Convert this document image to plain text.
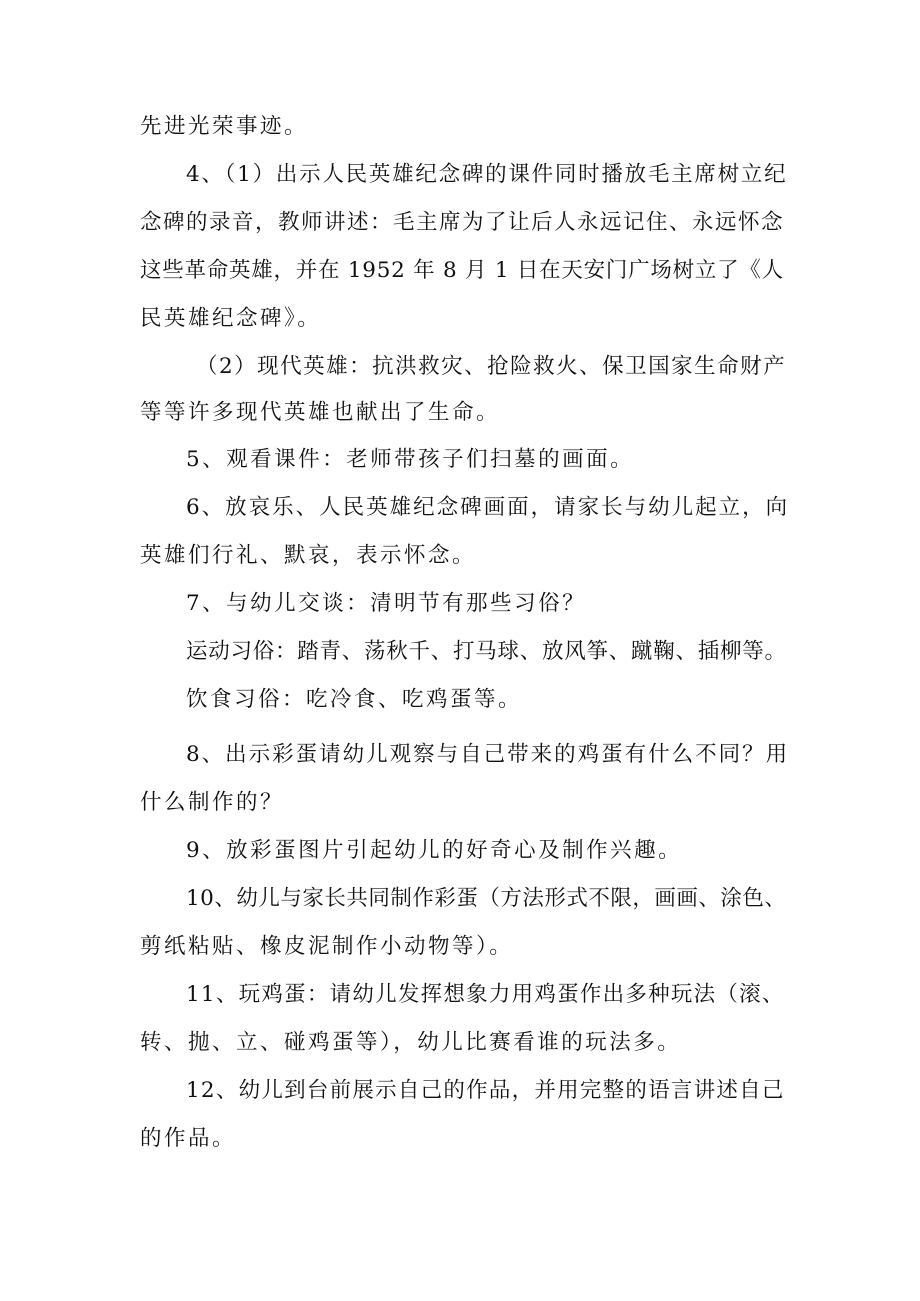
先进光荣事迹。

4、（1）出示人民英雄纪念碑的课件同时播放毛主席树立纪

念碑的录音，教师讲述：毛主席为了让后人永远记住、永远怀念

这些革命英雄，并在 1952 年 8 月 1 日在天安门广场树立了《人

民英雄纪念碑》。

（2）现代英雄：抗洪救灾、抢险救火、保卫国家生命财产

等等许多现代英雄也献出了生命。

5、观看课件：老师带孩子们扫墓的画面。

6、放哀乐、人民英雄纪念碑画面，请家长与幼儿起立，向

英雄们行礼、默哀，表示怀念。

7、与幼儿交谈：清明节有那些习俗？

运动习俗：踏青、荡秋千、打马球、放风筝、蹴鞠、插柳等。

饮食习俗：吃冷食、吃鸡蛋等。

8、出示彩蛋请幼儿观察与自己带来的鸡蛋有什么不同？用

什么制作的？

9、放彩蛋图片引起幼儿的好奇心及制作兴趣。

10、幼儿与家长共同制作彩蛋（方法形式不限，画画、涂色、

剪纸粘贴、橡皮泥制作小动物等）。

11、玩鸡蛋：请幼儿发挥想象力用鸡蛋作出多种玩法（滚、

转、抛、立、碰鸡蛋等），幼儿比赛看谁的玩法多。

12、幼儿到台前展示自己的作品，并用完整的语言讲述自己

的作品。
